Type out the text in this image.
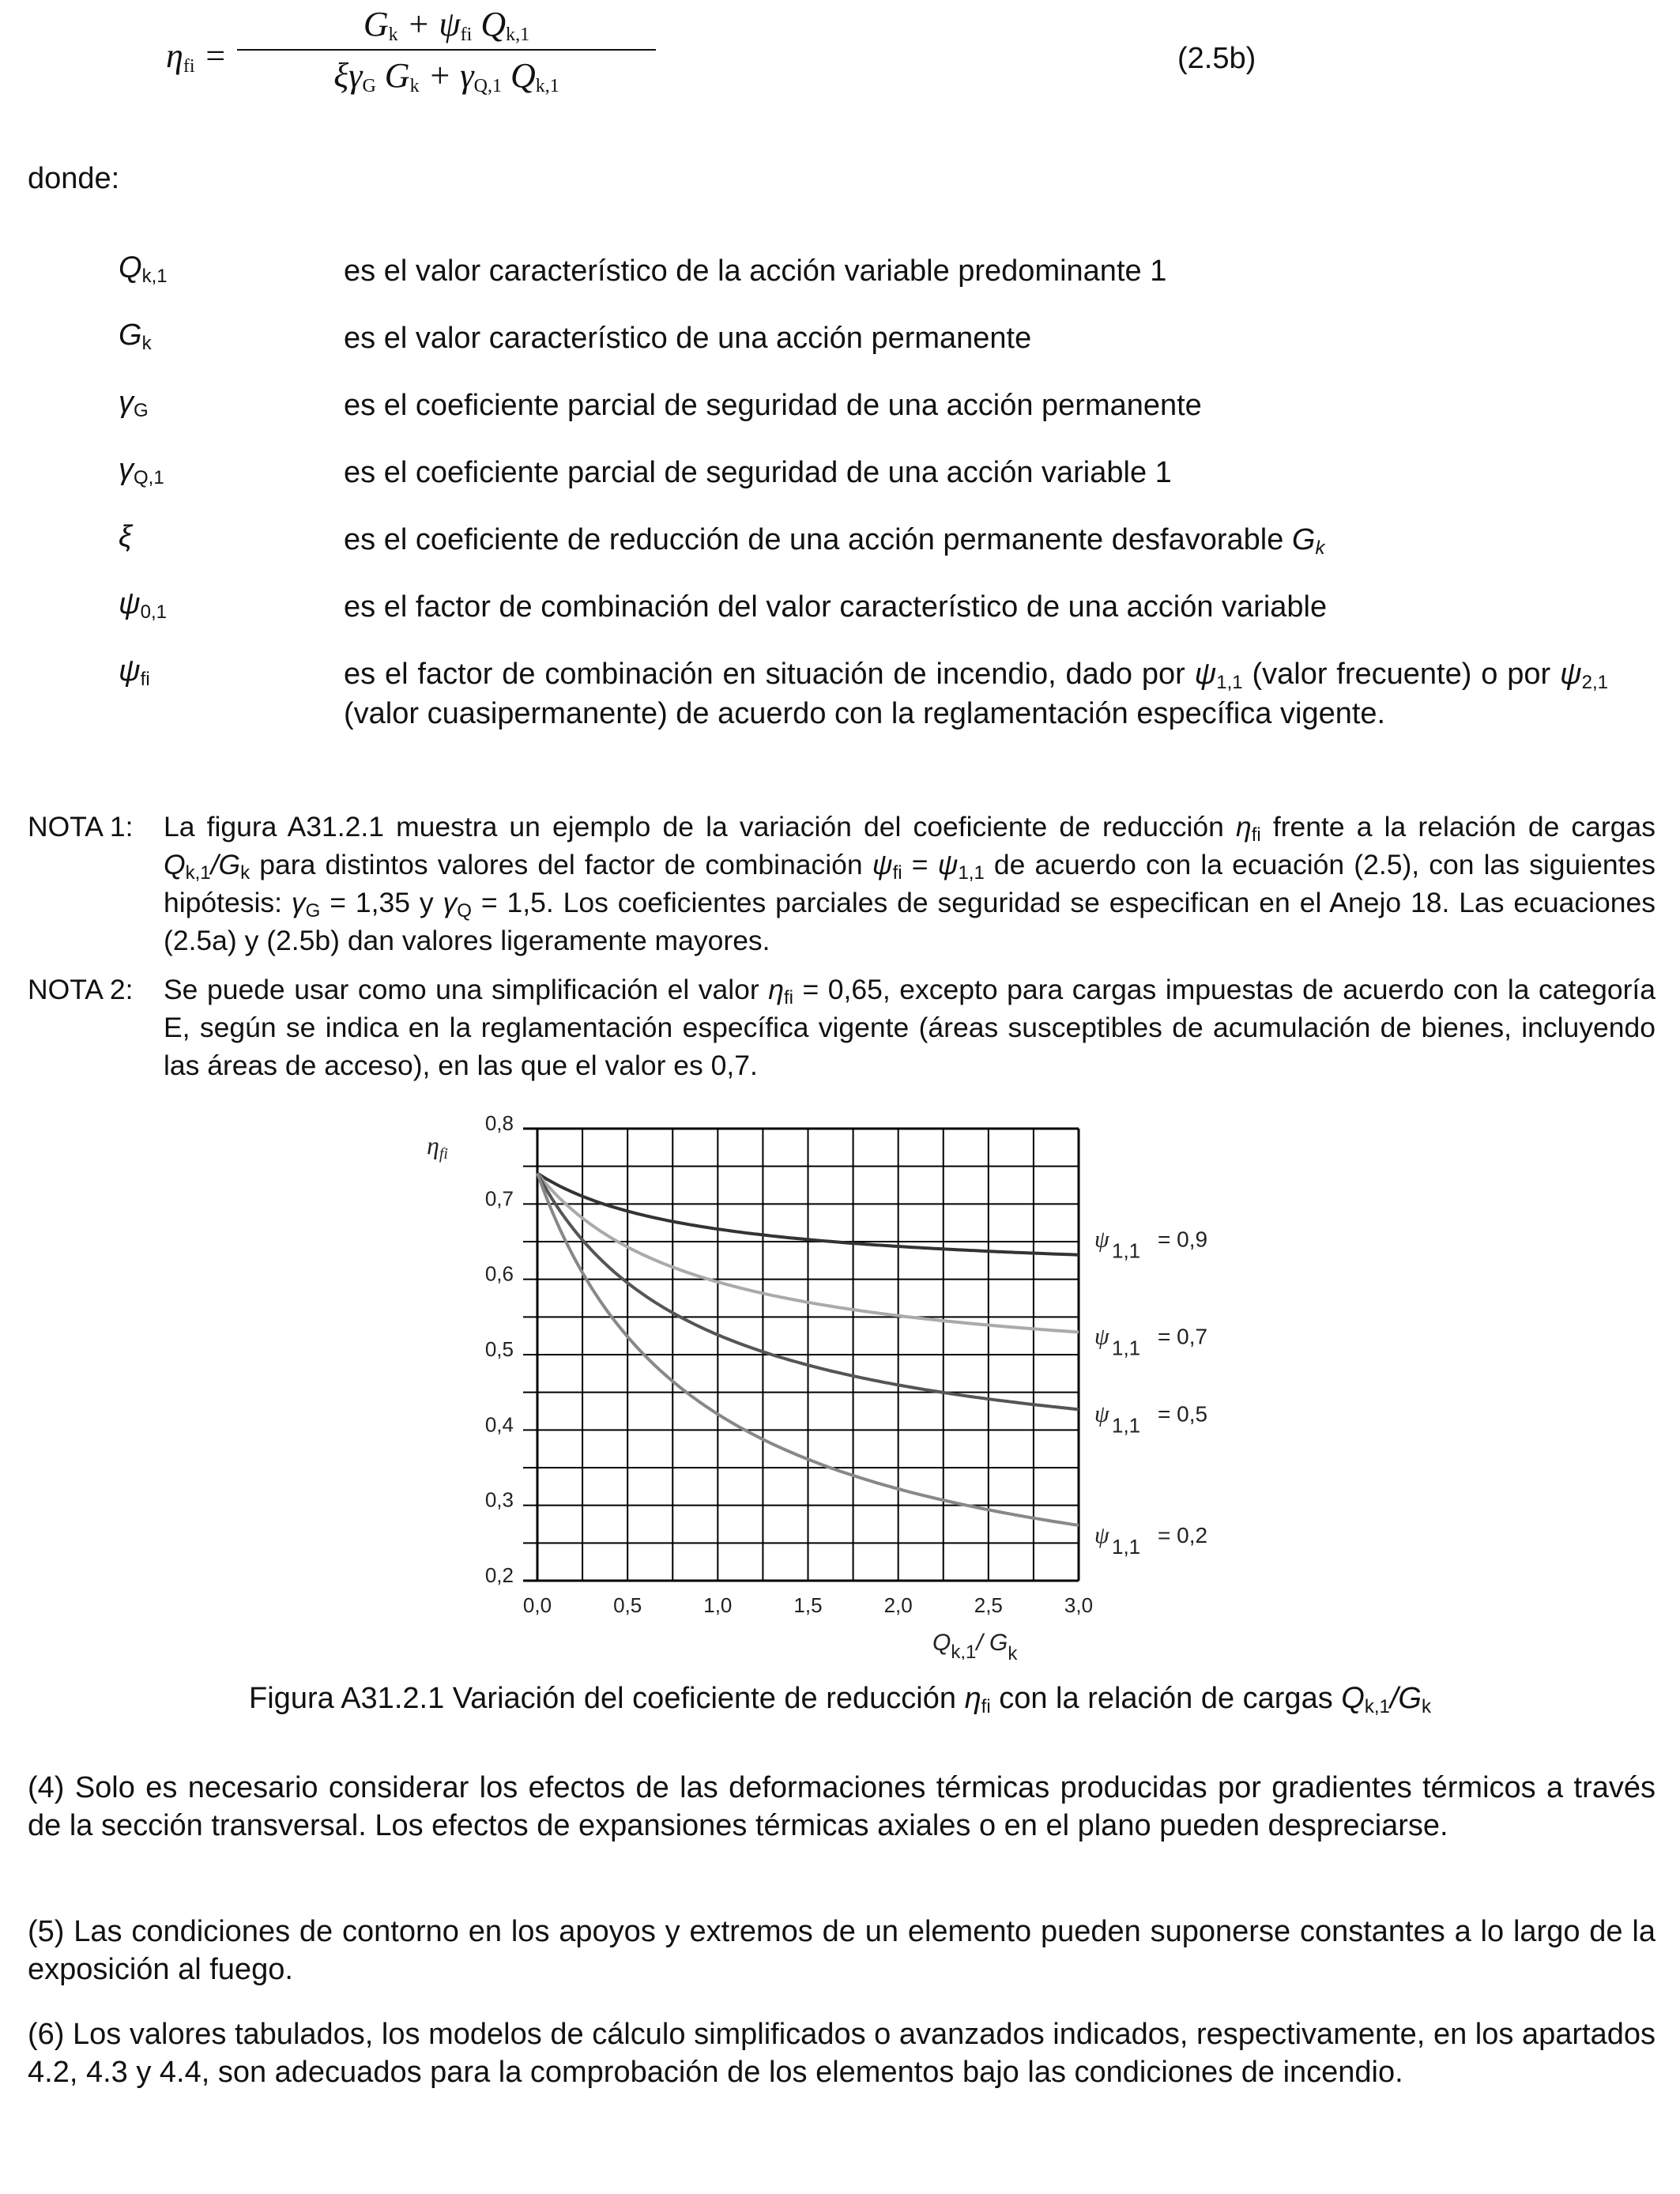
$\eta_{fi}$ =
$G_k + \psi_{fi}$ $Q_{k,1}$
$\xi\gamma_G$ $G_k + \gamma_{Q,1}$ $Q_{k,1}$
(2.5b)
donde:
$Q_{k,1}$	es el valor característico de la acción variable predominante 1
$G_k$	es el valor característico de una acción permanente
$\gamma_G$	es el coeficiente parcial de seguridad de una acción permanente
$\gamma_{Q,1}$	es el coeficiente parcial de seguridad de una acción variable 1
ξ	es el coeficiente de reducción de una acción permanente desfavorable $G_k$
$\psi_{0,1}$	es el factor de combinación del valor característico de una acción variable
$\psi_{fi}$	es el factor de combinación en situación de incendio, dado por $\psi_{1,1}$ (valor frecuente) o por $\psi_{2,1}$ (valor cuasipermanente) de acuerdo con la reglamentación específica vigente.
NOTA 1: La figura A31.2.1 muestra un ejemplo de la variación del coeficiente de reducción $\eta_{fi}$ frente a la relación de cargas $Q_{k,1}/G_k$ para distintos valores del factor de combinación $\psi_{fi} = \psi_{1,1}$ de acuerdo con la ecuación (2.5), con las siguientes hipótesis: $\gamma_G = 1,35$ y $\gamma_Q = 1,5$. Los coeficientes parciales de seguridad se especifican en el Anejo 18. Las ecuaciones (2.5a) y (2.5b) dan valores ligeramente mayores.
NOTA 2: Se puede usar como una simplificación el valor $\eta_{fi} = 0,65$, excepto para cargas impuestas de acuerdo con la categoría E, según se indica en la reglamentación específica vigente (áreas susceptibles de acumulación de bienes, incluyendo las áreas de acceso), en las que el valor es 0,7.
0,0	0,5	1,0	1,5	2,0	2,5	3,0
0,2
0,3
0,4
0,5
0,6
0,7
0,8
ψ 1,1 = 0,9
ψ 1,1 = 0,7
ψ 1,1 = 0,5
ψ 1,1 = 0,2
ηfi
$Q_{k,1}/$ $G_k$
Figura A31.2.1 Variación del coeficiente de reducción $\eta_{fi}$ con la relación de cargas $Q_{k,1}/G_k$
(4) Solo es necesario considerar los efectos de las deformaciones térmicas producidas por gradientes térmicos a través de la sección transversal. Los efectos de expansiones térmicas axiales o en el plano pueden despreciarse.
(5) Las condiciones de contorno en los apoyos y extremos de un elemento pueden suponerse constantes a lo largo de la exposición al fuego.
(6) Los valores tabulados, los modelos de cálculo simplificados o avanzados indicados, respectivamente, en los apartados 4.2, 4.3 y 4.4, son adecuados para la comprobación de los elementos bajo las condiciones de incendio.
